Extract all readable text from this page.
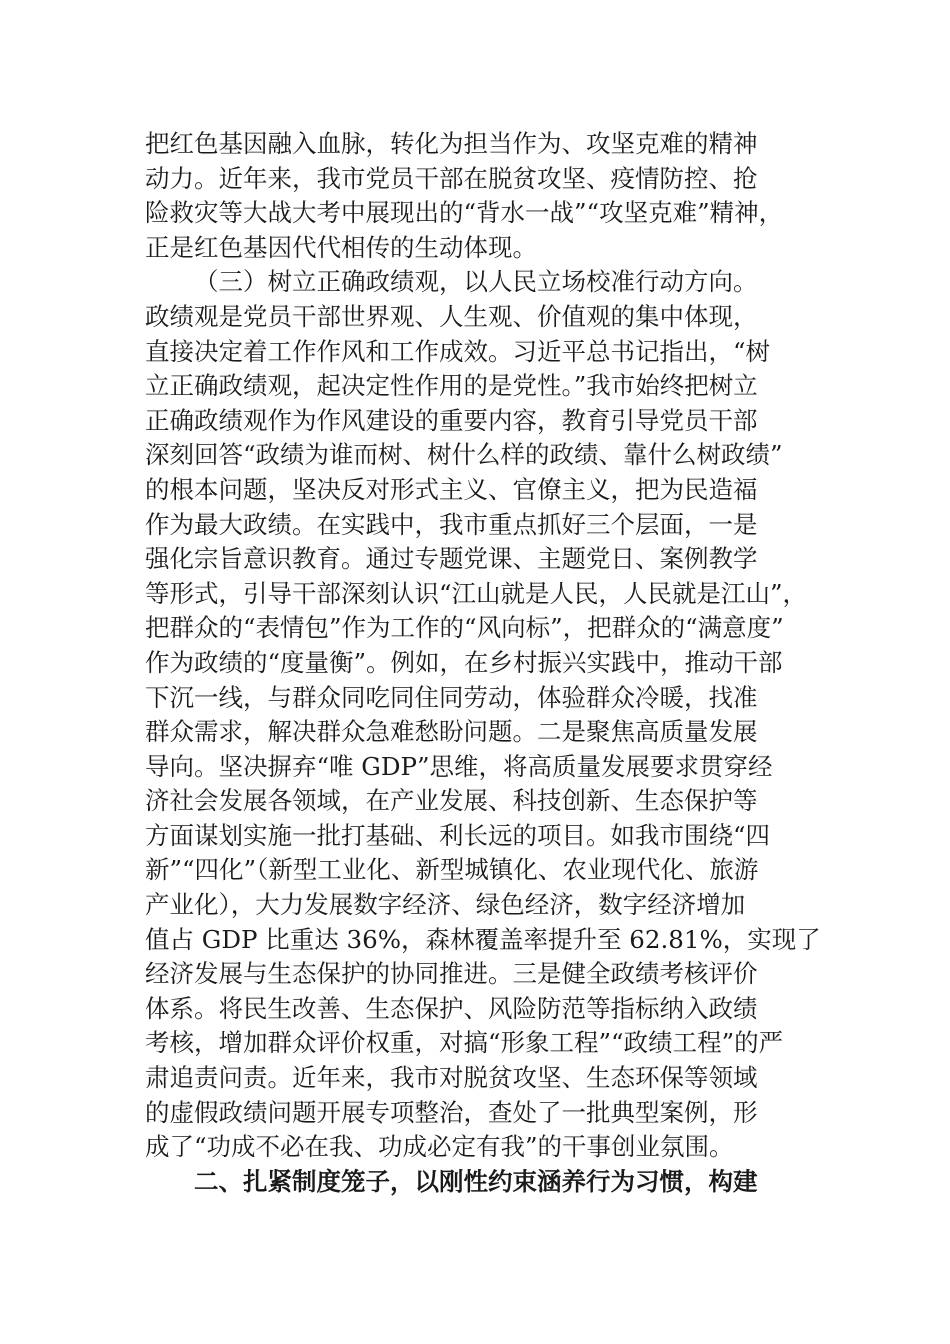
把红色基因融入血脉，转化为担当作为、攻坚克难的精神
动力。近年来，我市党员干部在脱贫攻坚、疫情防控、抢
险救灾等大战大考中展现出的“背水一战”“攻坚克难”精神，
正是红色基因代代相传的生动体现。
（三）树立正确政绩观，以人民立场校准行动方向。
政绩观是党员干部世界观、人生观、价值观的集中体现，
直接决定着工作作风和工作成效。习近平总书记指出，“树
立正确政绩观，起决定性作用的是党性。”我市始终把树立
正确政绩观作为作风建设的重要内容，教育引导党员干部
深刻回答“政绩为谁而树、树什么样的政绩、靠什么树政绩”
的根本问题，坚决反对形式主义、官僚主义，把为民造福
作为最大政绩。在实践中，我市重点抓好三个层面，一是
强化宗旨意识教育。通过专题党课、主题党日、案例教学
等形式，引导干部深刻认识“江山就是人民，人民就是江山”，
把群众的“表情包”作为工作的“风向标”，把群众的“满意度”
作为政绩的“度量衡”。例如，在乡村振兴实践中，推动干部
下沉一线，与群众同吃同住同劳动，体验群众冷暖，找准
群众需求，解决群众急难愁盼问题。二是聚焦高质量发展
导向。坚决摒弃“唯 GDP”思维，将高质量发展要求贯穿经
济社会发展各领域，在产业发展、科技创新、生态保护等
方面谋划实施一批打基础、利长远的项目。如我市围绕“四
新”“四化”（新型工业化、新型城镇化、农业现代化、旅游
产业化），大力发展数字经济、绿色经济，数字经济增加
值占 GDP 比重达 36%，森林覆盖率提升至 62.81%，实现了
经济发展与生态保护的协同推进。三是健全政绩考核评价
体系。将民生改善、生态保护、风险防范等指标纳入政绩
考核，增加群众评价权重，对搞“形象工程”“政绩工程”的严
肃追责问责。近年来，我市对脱贫攻坚、生态环保等领域
的虚假政绩问题开展专项整治，查处了一批典型案例，形
成了“功成不必在我、功成必定有我”的干事创业氛围。
二、扎紧制度笼子，以刚性约束涵养行为习惯，构建
